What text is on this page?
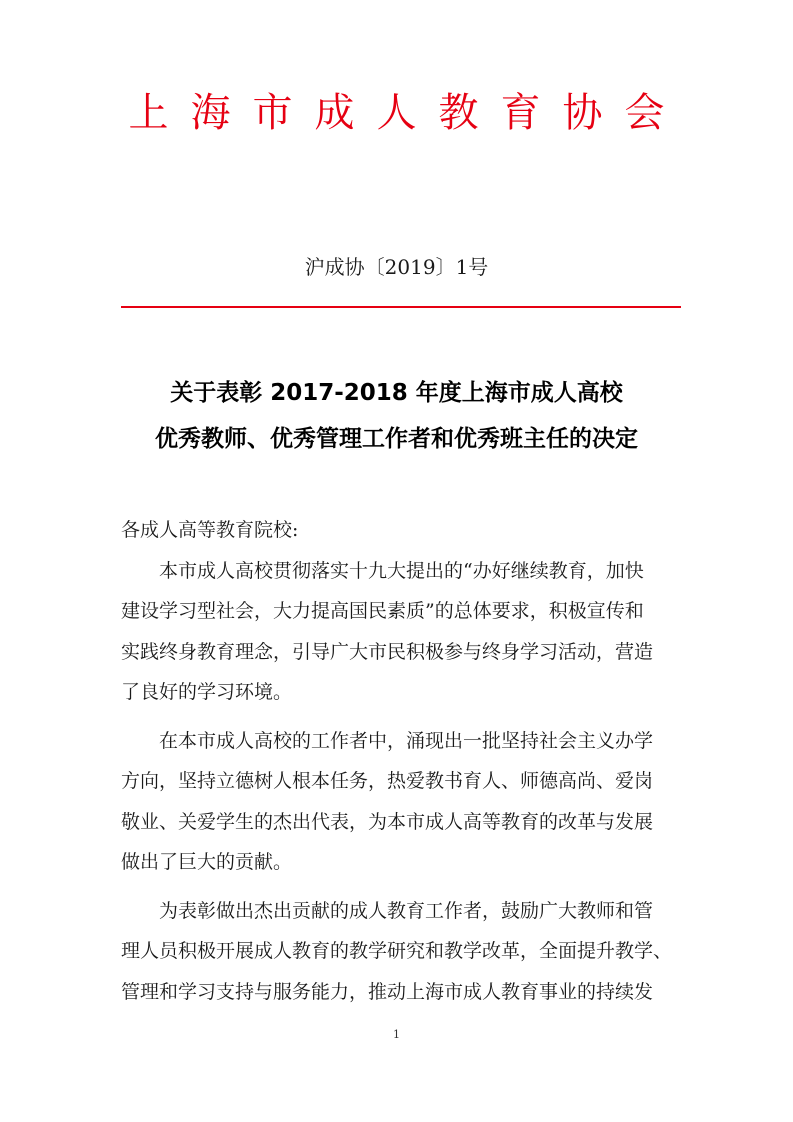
上海市成人教育协会
沪成协〔2019〕1号
关于表彰 2017-2018 年度上海市成人高校
优秀教师、优秀管理工作者和优秀班主任的决定

各成人高等教育院校:

本市成人高校贯彻落实十九大提出的“办好继续教育，加快
建设学习型社会，大力提高国民素质”的总体要求，积极宣传和
实践终身教育理念，引导广大市民积极参与终身学习活动，营造
了良好的学习环境。

在本市成人高校的工作者中，涌现出一批坚持社会主义办学
方向，坚持立德树人根本任务，热爱教书育人、师德高尚、爱岗
敬业、关爱学生的杰出代表，为本市成人高等教育的改革与发展
做出了巨大的贡献。

为表彰做出杰出贡献的成人教育工作者，鼓励广大教师和管
理人员积极开展成人教育的教学研究和教学改革，全面提升教学、
管理和学习支持与服务能力，推动上海市成人教育事业的持续发

1
